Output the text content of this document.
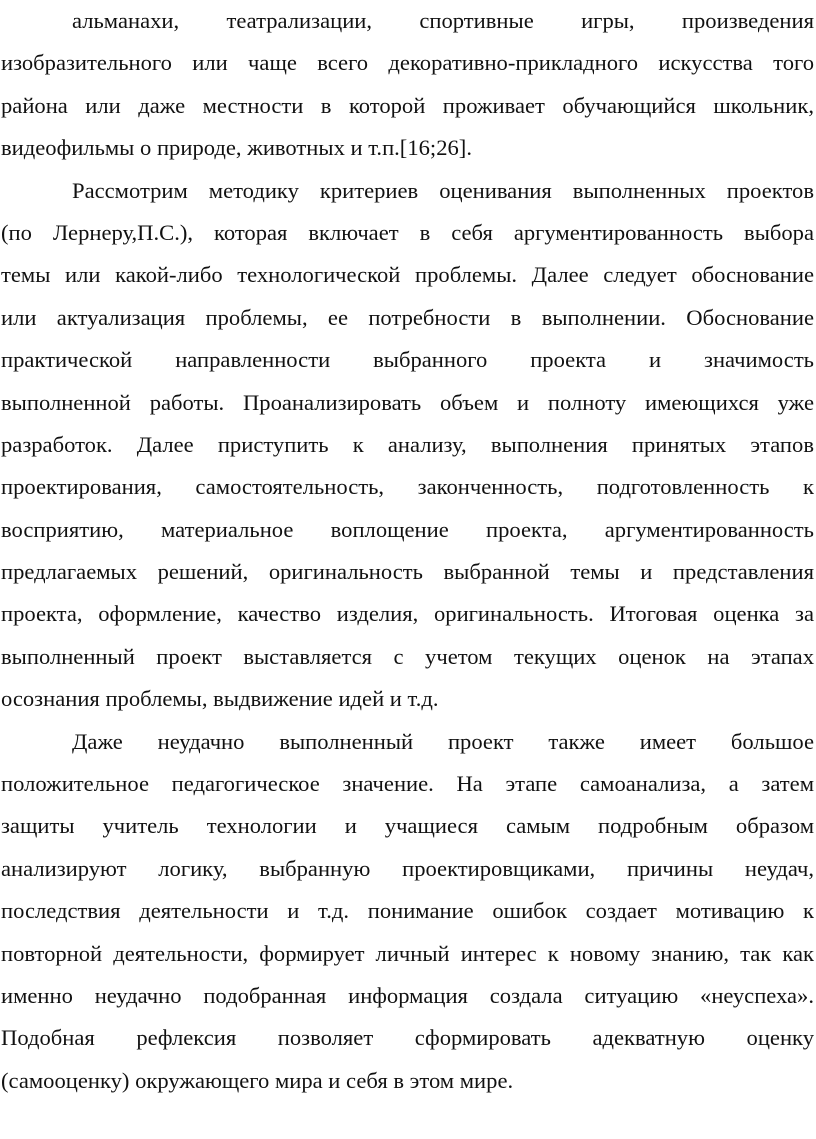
альманахи, театрализации, спортивные игры, произведения
изобразительного или чаще всего декоративно-прикладного искусства того
района или даже местности в которой проживает обучающийся школьник,
видеофильмы о природе, животных и т.п.[16;26].
Рассмотрим методику критериев оценивания выполненных проектов
(по Лернеру,П.С.), которая включает в себя аргументированность выбора
темы или какой-либо технологической проблемы. Далее следует обоснование
или актуализация проблемы, ее потребности в выполнении. Обоснование
практической направленности выбранного проекта и значимость
выполненной работы. Проанализировать объем и полноту имеющихся уже
разработок. Далее приступить к анализу, выполнения принятых этапов
проектирования, самостоятельность, законченность, подготовленность к
восприятию, материальное воплощение проекта, аргументированность
предлагаемых решений, оригинальность выбранной темы и представления
проекта, оформление, качество изделия, оригинальность. Итоговая оценка за
выполненный проект выставляется с учетом текущих оценок на этапах
осознания проблемы, выдвижение идей и т.д.
Даже неудачно выполненный проект также имеет большое
положительное педагогическое значение. На этапе самоанализа, а затем
защиты учитель технологии и учащиеся самым подробным образом
анализируют логику, выбранную проектировщиками, причины неудач,
последствия деятельности и т.д. понимание ошибок создает мотивацию к
повторной деятельности, формирует личный интерес к новому знанию, так как
именно неудачно подобранная информация создала ситуацию «неуспеха».
Подобная рефлексия позволяет сформировать адекватную оценку
(самооценку) окружающего мира и себя в этом мире.
